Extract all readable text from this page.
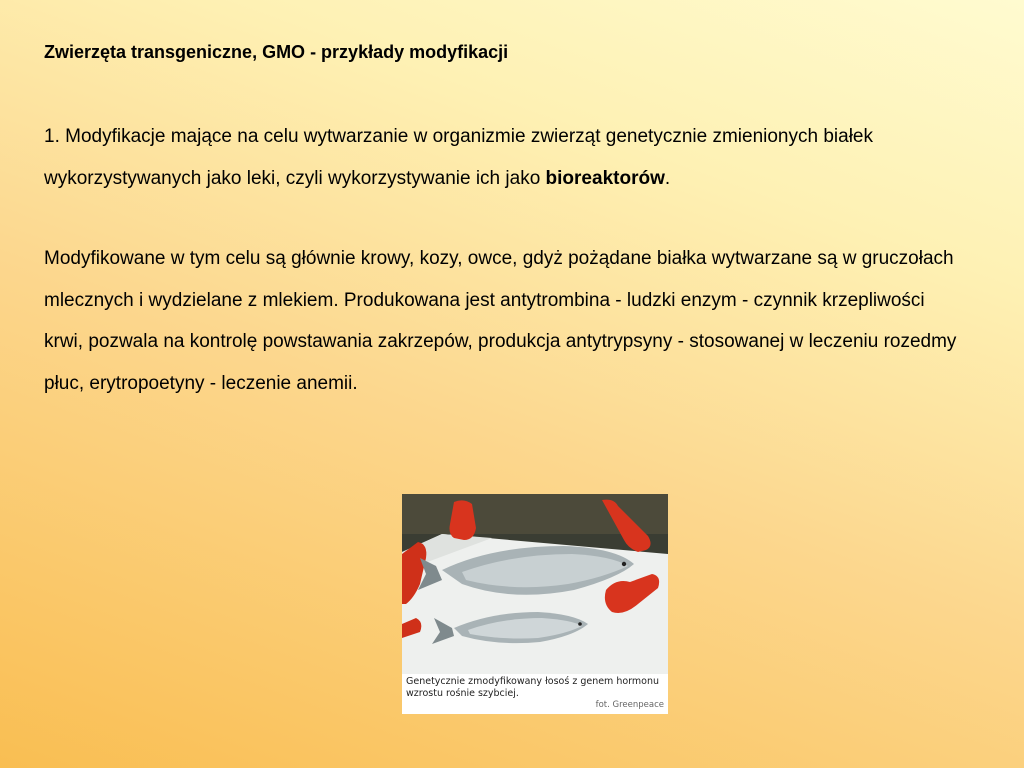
Zwierzęta transgeniczne, GMO - przykłady modyfikacji

1. Modyfikacje mające na celu wytwarzanie w organizmie zwierząt genetycznie zmienionych białek wykorzystywanych jako leki, czyli wykorzystywanie ich jako bioreaktorów.

Modyfikowane w tym celu są głównie krowy, kozy, owce, gdyż pożądane białka wytwarzane są w gruczołach mlecznych i wydzielane z mlekiem. Produkowana jest antytrombina - ludzki enzym - czynnik krzepliwości    krwi, pozwala na kontrolę powstawania zakrzepów, produkcja antytrypsyny - stosowanej w leczeniu rozedmy płuc, erytropoetyny - leczenie anemii.

Genetycznie zmodyfikowany łosoś z genem hormonu wzrostu rośnie szybciej.
fot. Greenpeace
